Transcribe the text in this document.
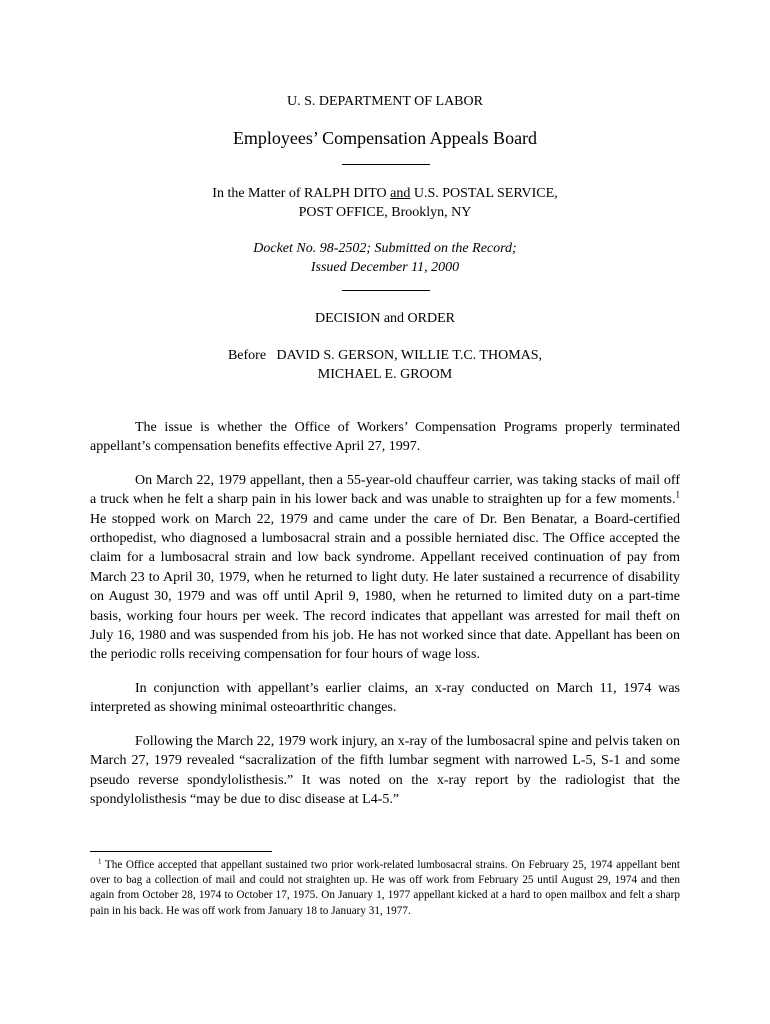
U. S. DEPARTMENT OF LABOR
Employees’ Compensation Appeals Board
In the Matter of RALPH DITO and U.S. POSTAL SERVICE,
POST OFFICE, Brooklyn, NY
Docket No. 98-2502; Submitted on the Record;
Issued December 11, 2000
DECISION and ORDER
Before DAVID S. GERSON, WILLIE T.C. THOMAS,
MICHAEL E. GROOM

The issue is whether the Office of Workers’ Compensation Programs properly terminated appellant’s compensation benefits effective April 27, 1997.

On March 22, 1979 appellant, then a 55-year-old chauffeur carrier, was taking stacks of mail off a truck when he felt a sharp pain in his lower back and was unable to straighten up for a few moments.$^1$ He stopped work on March 22, 1979 and came under the care of Dr. Ben Benatar, a Board-certified orthopedist, who diagnosed a lumbosacral strain and a possible herniated disc. The Office accepted the claim for a lumbosacral strain and low back syndrome. Appellant received continuation of pay from March 23 to April 30, 1979, when he returned to light duty. He later sustained a recurrence of disability on August 30, 1979 and was off until April 9, 1980, when he returned to limited duty on a part-time basis, working four hours per week. The record indicates that appellant was arrested for mail theft on July 16, 1980 and was suspended from his job. He has not worked since that date. Appellant has been on the periodic rolls receiving compensation for four hours of wage loss.

In conjunction with appellant’s earlier claims, an x-ray conducted on March 11, 1974 was interpreted as showing minimal osteoarthritic changes.

Following the March 22, 1979 work injury, an x-ray of the lumbosacral spine and pelvis taken on March 27, 1979 revealed “sacralization of the fifth lumbar segment with narrowed L-5, S-1 and some pseudo reverse spondylolisthesis.” It was noted on the x-ray report by the radiologist that the spondylolisthesis “may be due to disc disease at L4-5.”

$^1$ The Office accepted that appellant sustained two prior work-related lumbosacral strains. On February 25, 1974 appellant bent over to bag a collection of mail and could not straighten up. He was off work from February 25 until August 29, 1974 and then again from October 28, 1974 to October 17, 1975. On January 1, 1977 appellant kicked at a hard to open mailbox and felt a sharp pain in his back. He was off work from January 18 to January 31, 1977.
